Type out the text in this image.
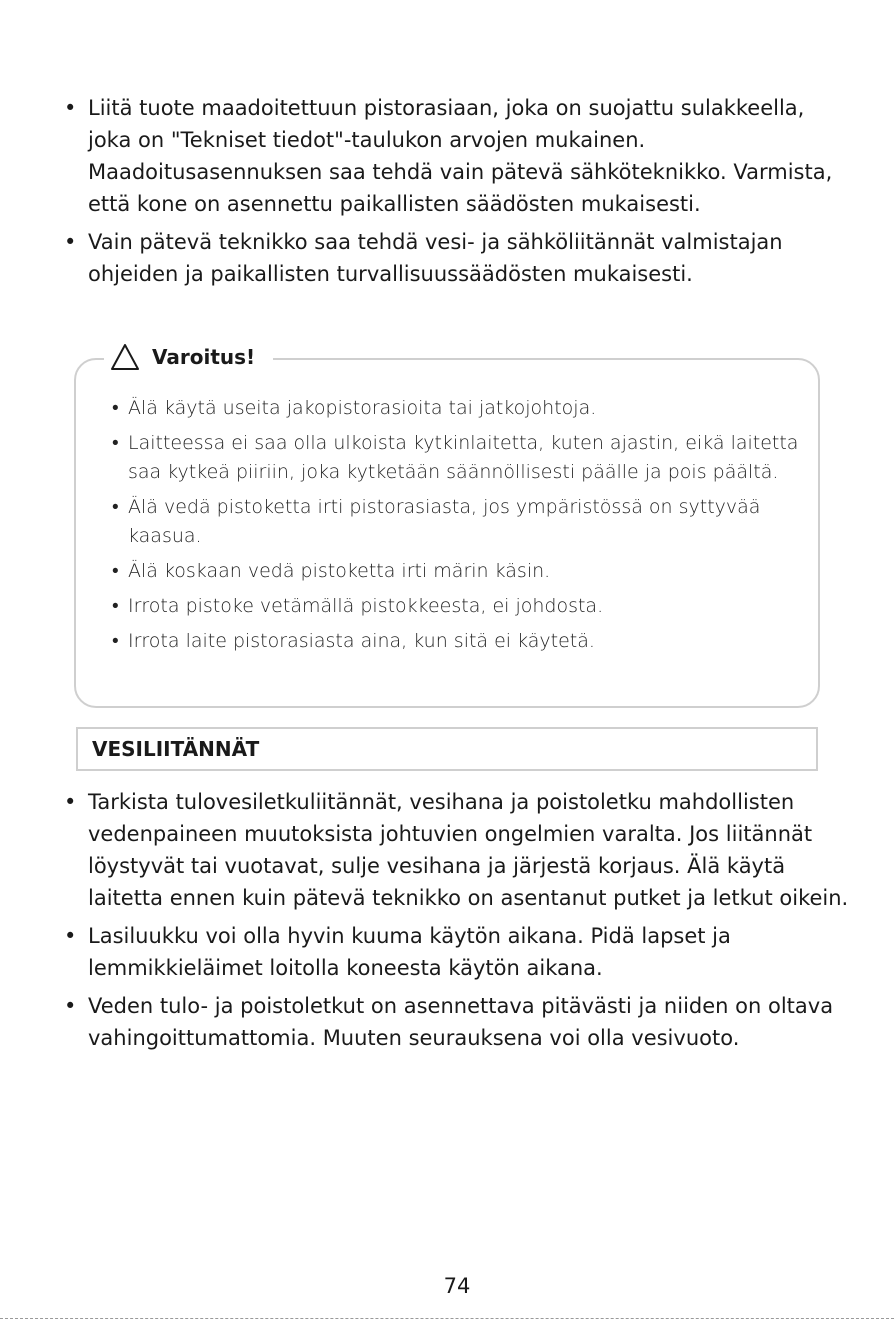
• Liitä tuote maadoitettuun pistorasiaan, joka on suojattu sulakkeella, joka on "Tekniset tiedot"-taulukon arvojen mukainen. Maadoitusasennuksen saa tehdä vain pätevä sähköteknikko. Varmista, että kone on asennettu paikallisten säädösten mukaisesti.
• Vain pätevä teknikko saa tehdä vesi- ja sähköliitännät valmistajan ohjeiden ja paikallisten turvallisuussäädösten mukaisesti.
Varoitus!
• Älä käytä useita jakopistorasioita tai jatkojohtoja.
• Laitteessa ei saa olla ulkoista kytkinlaitetta, kuten ajastin, eikä laitetta saa kytkeä piiriin, joka kytketään säännöllisesti päälle ja pois päältä.
• Älä vedä pistoketta irti pistorasiasta, jos ympäristössä on syttyvää kaasua.
• Älä koskaan vedä pistoketta irti märin käsin.
• Irrota pistoke vetämällä pistokkeesta, ei johdosta.
• Irrota laite pistorasiasta aina, kun sitä ei käytetä.
VESILIITÄNNÄT
• Tarkista tulovesiletkuliitännät, vesihana ja poistoletku mahdollisten vedenpaineen muutoksista johtuvien ongelmien varalta. Jos liitännät löystyvät tai vuotavat, sulje vesihana ja järjestä korjaus. Älä käytä laitetta ennen kuin pätevä teknikko on asentanut putket ja letkut oikein.
• Lasiluukku voi olla hyvin kuuma käytön aikana. Pidä lapset ja lemmikkieläimet loitolla koneesta käytön aikana.
• Veden tulo- ja poistoletkut on asennettava pitävästi ja niiden on oltava vahingoittumattomia. Muuten seurauksena voi olla vesivuoto.
74
